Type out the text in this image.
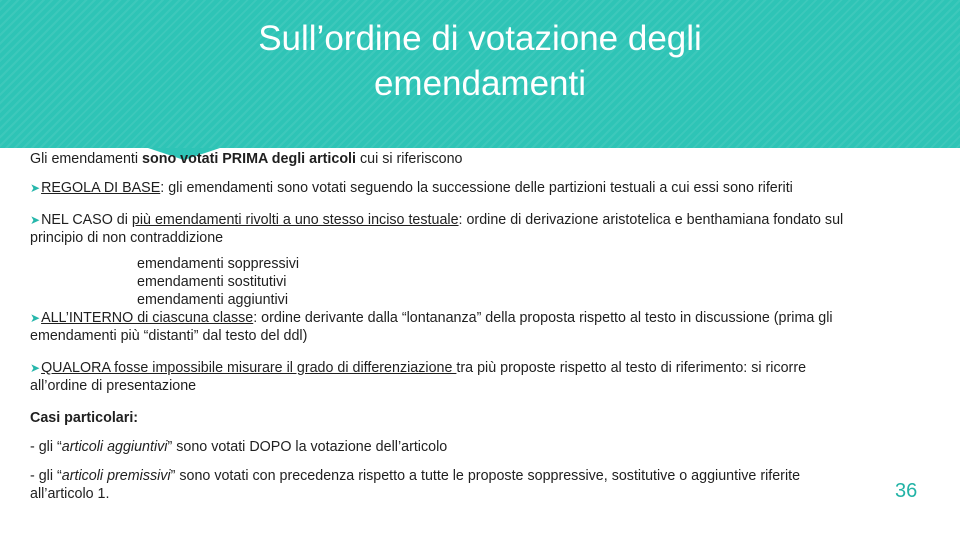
Sull’ordine di votazione degli
emendamenti

Gli emendamenti sono votati PRIMA degli articoli cui si riferiscono

➤REGOLA DI BASE: gli emendamenti sono votati seguendo la successione delle partizioni testuali a cui essi sono riferiti

➤NEL CASO di più emendamenti rivolti a uno stesso inciso testuale: ordine di derivazione aristotelica e benthamiana fondato sul principio di non contraddizione

emendamenti soppressivi

emendamenti sostitutivi

emendamenti aggiuntivi

➤ALL’INTERNO di ciascuna classe: ordine derivante dalla “lontananza” della proposta rispetto al testo in discussione (prima gli emendamenti più “distanti” dal testo del ddl)

➤QUALORA fosse impossibile misurare il grado di differenziazione tra più proposte rispetto al testo di riferimento: si ricorre all’ordine di presentazione

Casi particolari:

- gli “articoli aggiuntivi” sono votati DOPO la votazione dell’articolo

- gli “articoli premissivi” sono votati con precedenza rispetto a tutte le proposte soppressive, sostitutive o aggiuntive riferite all’articolo 1.	36
